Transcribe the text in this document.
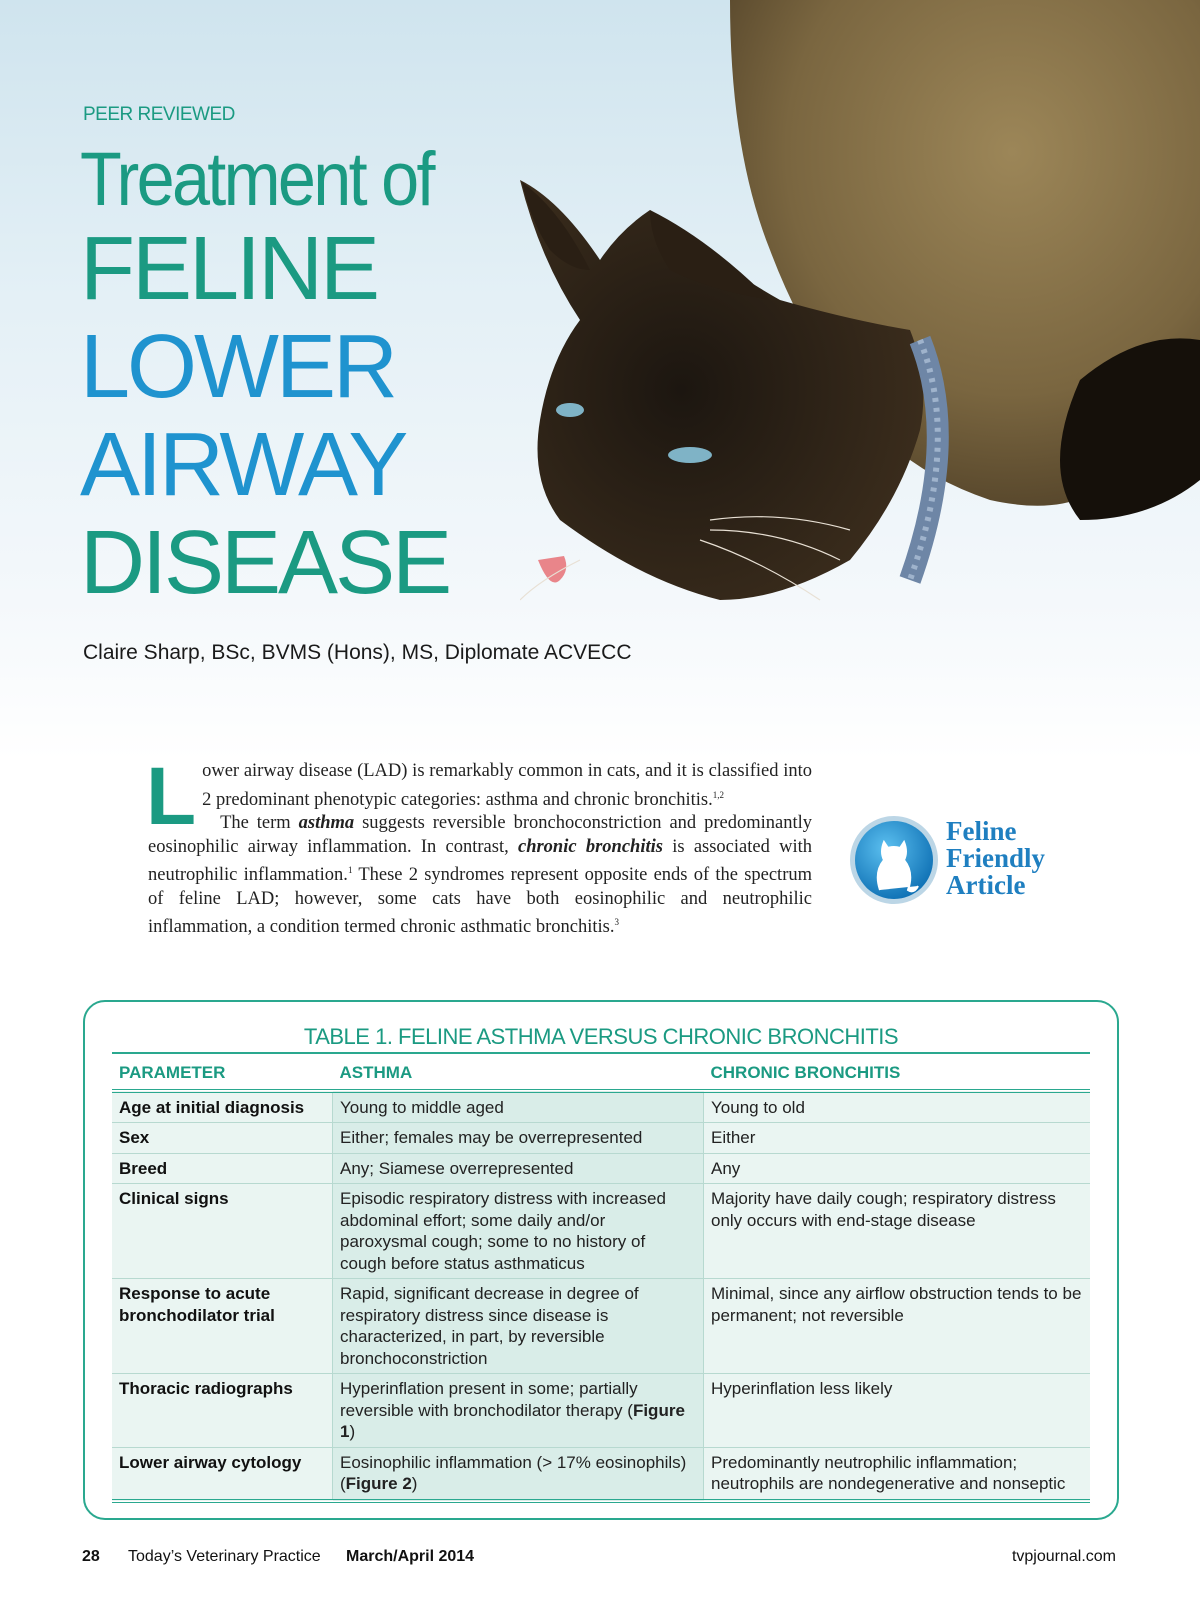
PEER REVIEWED
Treatment of
FELINE
LOWER
AIRWAY
DISEASE
Claire Sharp, BSc, BVMS (Hons), MS, Diplomate ACVECC

Lower airway disease (LAD) is remarkably common in cats, and it is classified into 2 predominant phenotypic categories: asthma and chronic bronchitis.$^{1,2}$

The term asthma suggests reversible bronchoconstriction and predominantly eosinophilic airway inflammation. In contrast, chronic bronchitis is associated with neutrophilic inflammation.$^1$ These 2 syndromes represent opposite ends of the spectrum of feline LAD; however, some cats have both eosinophilic and neutrophilic inflammation, a condition termed chronic asthmatic bronchitis.$^3$

Feline
Friendly
Article
TABLE 1. FELINE ASTHMA VERSUS CHRONIC BRONCHITIS
PARAMETER	ASTHMA	CHRONIC BRONCHITIS
Age at initial diagnosis	Young to middle aged	Young to old
Sex	Either; females may be overrepresented	Either
Breed	Any; Siamese overrepresented	Any
Clinical signs	Episodic respiratory distress with increased abdominal effort; some daily and/or paroxysmal cough; some to no history of cough before status asthmaticus	Majority have daily cough; respiratory distress only occurs with end-stage disease
Response to acute bronchodilator trial	Rapid, significant decrease in degree of respiratory distress since disease is characterized, in part, by reversible bronchoconstriction	Minimal, since any airflow obstruction tends to be permanent; not reversible
Thoracic radiographs	Hyperinflation present in some; partially reversible with bronchodilator therapy (Figure 1)	Hyperinflation less likely
Lower airway cytology	Eosinophilic inflammation (> 17% eosinophils) (Figure 2)	Predominantly neutrophilic inflammation; neutrophils are nondegenerative and nonseptic
28 Today’s Veterinary Practice March/April 2014	tvpjournal.com
